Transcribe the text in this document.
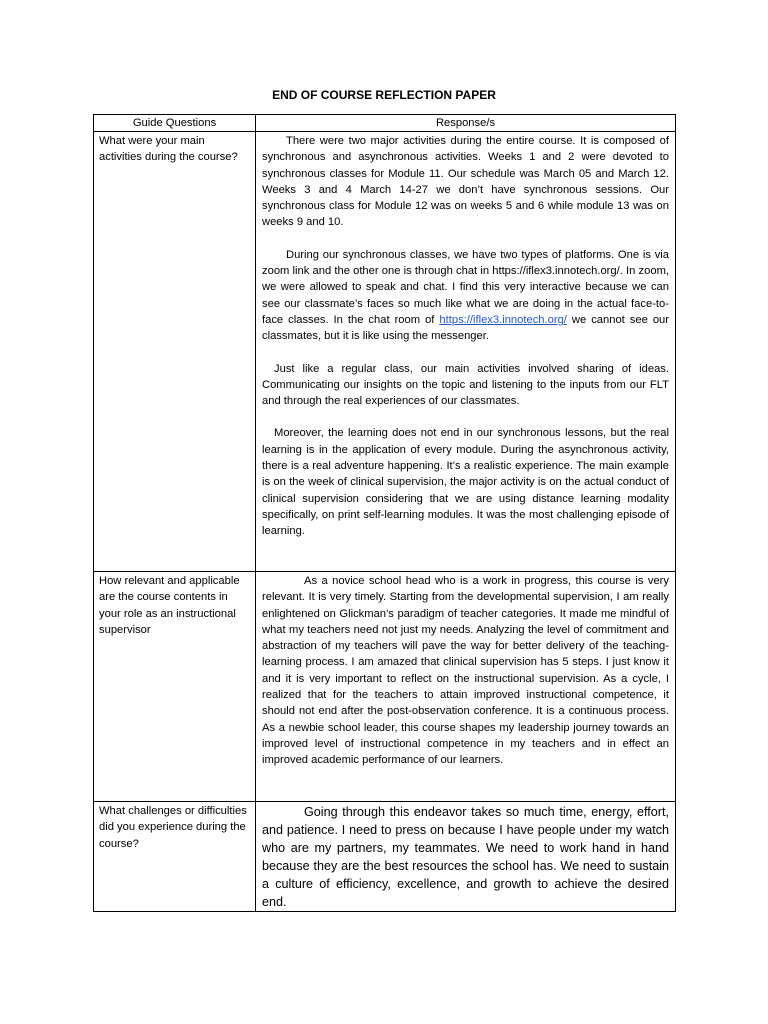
END OF COURSE REFLECTION PAPER
Guide Questions	Response/s
What were your main activities during the course?	There were two major activities during the entire course. It is composed of synchronous and asynchronous activities. Weeks 1 and 2 were devoted to synchronous classes for Module 11. Our schedule was March 05 and March 12. Weeks 3 and 4 March 14-27 we don’t have synchronous sessions. Our synchronous class for Module 12 was on weeks 5 and 6 while module 13 was on weeks 9 and 10.

During our synchronous classes, we have two types of platforms. One is via zoom link and the other one is through chat in https://iflex3.innotech.org/. In zoom, we were allowed to speak and chat. I find this very interactive because we can see our classmate’s faces so much like what we are doing in the actual face-to-face classes. In the chat room of https://iflex3.innotech.org/ we cannot see our classmates, but it is like using the messenger.

Just like a regular class, our main activities involved sharing of ideas. Communicating our insights on the topic and listening to the inputs from our FLT and through the real experiences of our classmates.

Moreover, the learning does not end in our synchronous lessons, but the real learning is in the application of every module. During the asynchronous activity, there is a real adventure happening. It’s a realistic experience. The main example is on the week of clinical supervision, the major activity is on the actual conduct of clinical supervision considering that we are using distance learning modality specifically, on print self-learning modules. It was the most challenging episode of learning.

How relevant and applicable are the course contents in your role as an instructional supervisor	As a novice school head who is a work in progress, this course is very relevant. It is very timely. Starting from the developmental supervision, I am really enlightened on Glickman’s paradigm of teacher categories. It made me mindful of what my teachers need not just my needs. Analyzing the level of commitment and abstraction of my teachers will pave the way for better delivery of the teaching-learning process. I am amazed that clinical supervision has 5 steps. I just know it and it is very important to reflect on the instructional supervision. As a cycle, I realized that for the teachers to attain improved instructional competence, it should not end after the post-observation conference. It is a continuous process. As a newbie school leader, this course shapes my leadership journey towards an improved level of instructional competence in my teachers and in effect an improved academic performance of our learners.

What challenges or difficulties did you experience during the course?	Going through this endeavor takes so much time, energy, effort, and patience. I need to press on because I have people under my watch who are my partners, my teammates. We need to work hand in hand because they are the best resources the school has. We need to sustain a culture of efficiency, excellence, and growth to achieve the desired end.
